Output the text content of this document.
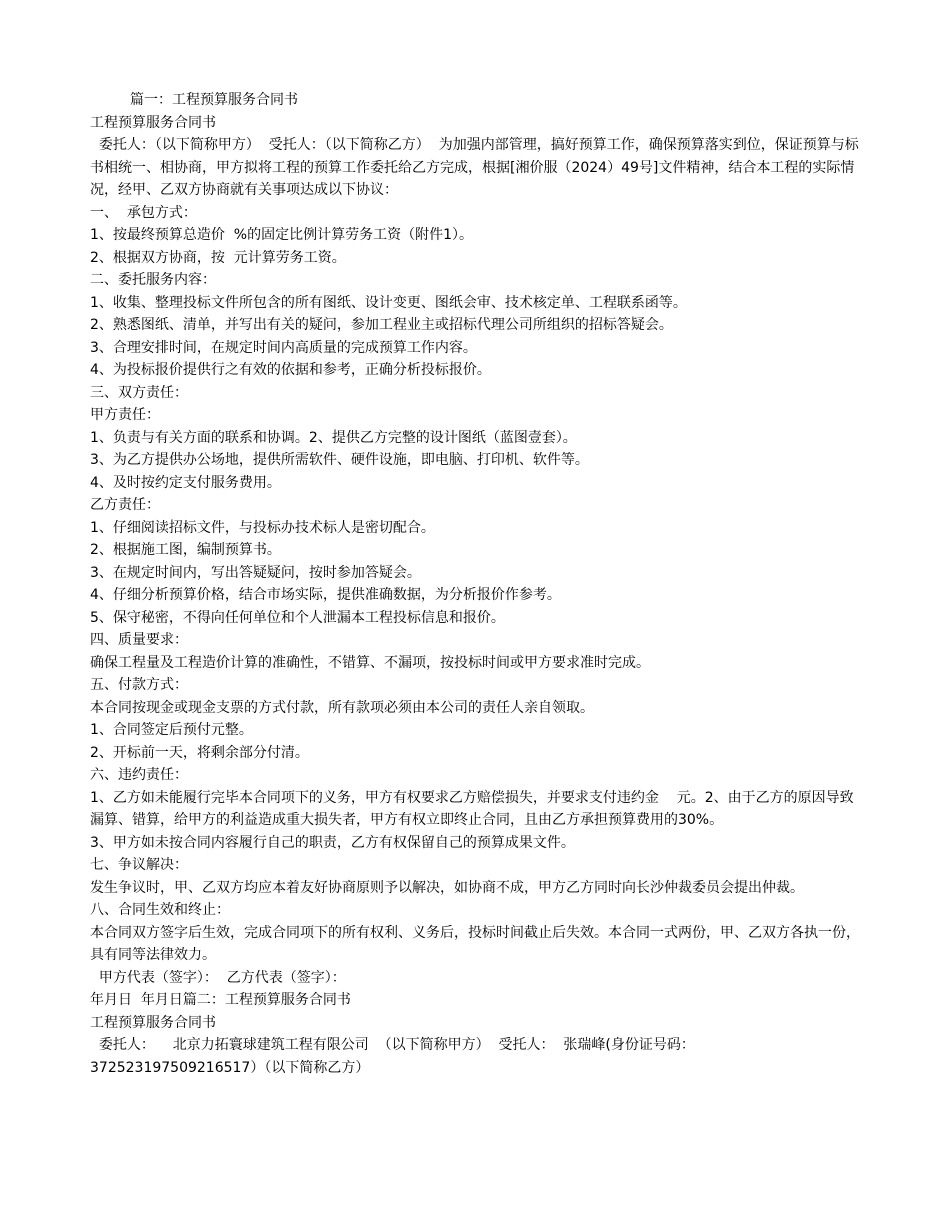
篇一：工程预算服务合同书

工程预算服务合同书

委托人：（以下简称甲方）  受托人：（以下简称乙方）  为加强内部管理，搞好预算工作，确保预算落实到位，保证预算与标书相统一、相协商，甲方拟将工程的预算工作委托给乙方完成，根据[湘价服（2024）49号]文件精神，结合本工程的实际情况，经甲、乙双方协商就有关事项达成以下协议：

一、  承包方式：

1、按最终预算总造价  %的固定比例计算劳务工资（附件1）。

2、根据双方协商，按  元计算劳务工资。

二、委托服务内容：

1、收集、整理投标文件所包含的所有图纸、设计变更、图纸会审、技术核定单、工程联系函等。

2、熟悉图纸、清单，并写出有关的疑问，参加工程业主或招标代理公司所组织的招标答疑会。

3、合理安排时间，在规定时间内高质量的完成预算工作内容。

4、为投标报价提供行之有效的依据和参考，正确分析投标报价。

三、双方责任：

甲方责任：

1、负责与有关方面的联系和协调。2、提供乙方完整的设计图纸（蓝图壹套）。

3、为乙方提供办公场地，提供所需软件、硬件设施，即电脑、打印机、软件等。

4、及时按约定支付服务费用。

乙方责任：

1、仔细阅读招标文件，与投标办技术标人是密切配合。

2、根据施工图，编制预算书。

3、在规定时间内，写出答疑疑问，按时参加答疑会。

4、仔细分析预算价格，结合市场实际，提供准确数据，为分析报价作参考。

5、保守秘密，不得向任何单位和个人泄漏本工程投标信息和报价。

四、质量要求：

确保工程量及工程造价计算的准确性，不错算、不漏项，按投标时间或甲方要求准时完成。

五、付款方式：

本合同按现金或现金支票的方式付款，所有款项必须由本公司的责任人亲自领取。

1、合同签定后预付元整。

2、开标前一天，将剩余部分付清。

六、违约责任：

1、乙方如未能履行完毕本合同项下的义务，甲方有权要求乙方赔偿损失，并要求支付违约金    元。2、由于乙方的原因导致漏算、错算，给甲方的利益造成重大损失者，甲方有权立即终止合同，且由乙方承担预算费用的30%。

3、甲方如未按合同内容履行自己的职责，乙方有权保留自己的预算成果文件。

七、争议解决：

发生争议时，甲、乙双方均应本着友好协商原则予以解决，如协商不成，甲方乙方同时向长沙仲裁委员会提出仲裁。

八、合同生效和终止：

本合同双方签字后生效，完成合同项下的所有权利、义务后，投标时间截止后失效。本合同一式两份，甲、乙双方各执一份，具有同等法律效力。

甲方代表（签字）：  乙方代表（签字）：

年月日  年月日篇二：工程预算服务合同书

工程预算服务合同书

委托人：    北京力拓寰球建筑工程有限公司  （以下简称甲方）  受托人：  张瑞峰(身份证号码：372523197509216517）（以下简称乙方）
